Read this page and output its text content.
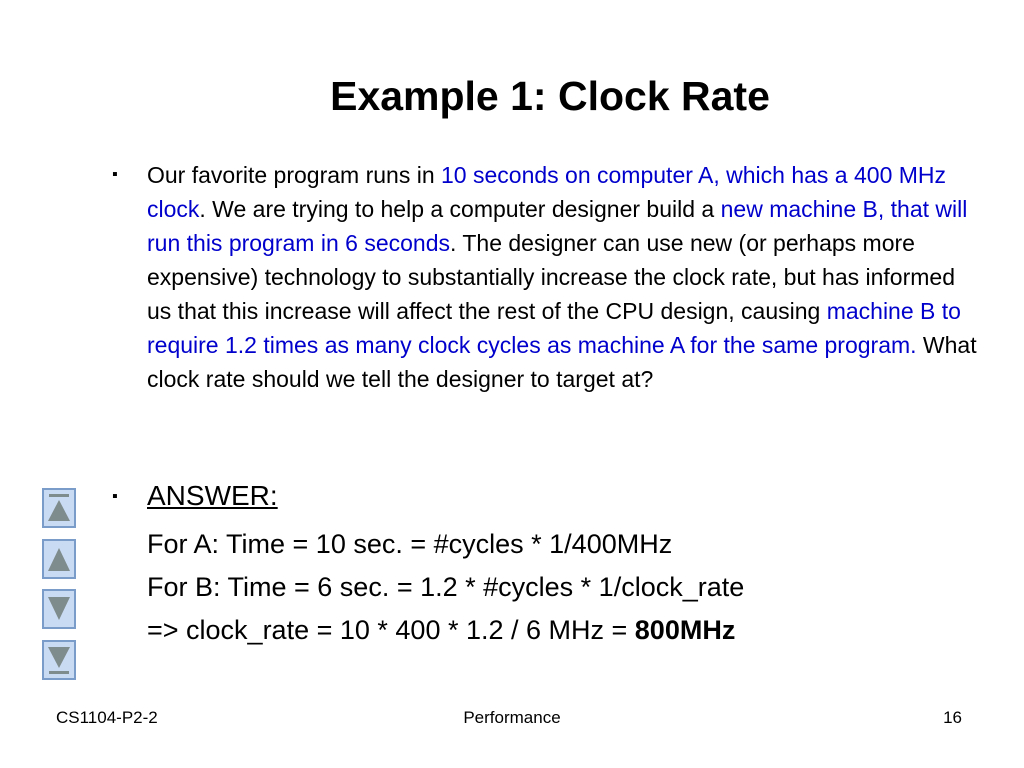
Example 1: Clock Rate
▪ Our favorite program runs in 10 seconds on computer A, which has a 400 MHz clock. We are trying to help a computer designer build a new machine B, that will run this program in 6 seconds. The designer can use new (or perhaps more expensive) technology to substantially increase the clock rate, but has informed us that this increase will affect the rest of the CPU design, causing machine B to require 1.2 times as many clock cycles as machine A for the same program. What clock rate should we tell the designer to target at?
▪ ANSWER:
For A: Time = 10 sec. = #cycles * 1/400MHz
For B: Time = 6 sec. = 1.2 * #cycles * 1/clock_rate
=> clock_rate = 10 * 400 * 1.2 / 6 MHz = 800MHz
CS1104-P2-2	Performance	16
